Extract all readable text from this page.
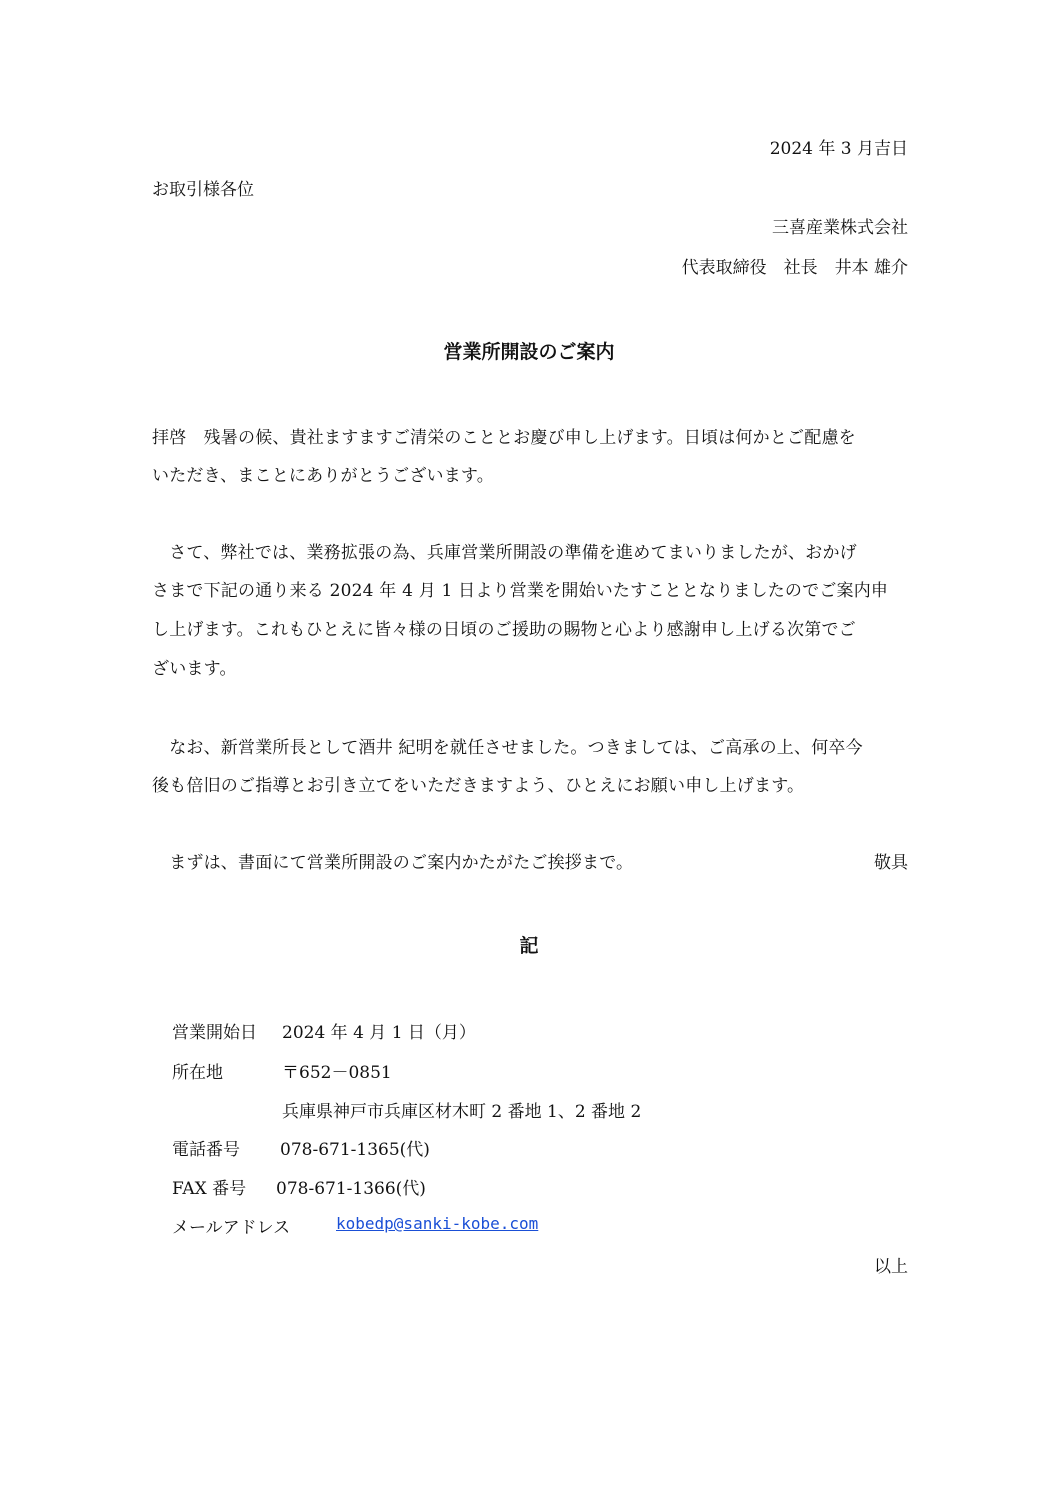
2024 年 3 月吉日
お取引様各位
三喜産業株式会社
代表取締役　社長　井本 雄介
営業所開設のご案内
拝啓　残暑の候、貴社ますますご清栄のこととお慶び申し上げます。日頃は何かとご配慮を
いただき、まことにありがとうございます。
　さて、弊社では、業務拡張の為、兵庫営業所開設の準備を進めてまいりましたが、おかげ
さまで下記の通り来る 2024 年 4 月 1 日より営業を開始いたすこととなりましたのでご案内申
し上げます。これもひとえに皆々様の日頃のご援助の賜物と心より感謝申し上げる次第でご
ざいます。
　なお、新営業所長として酒井 紀明を就任させました。つきましては、ご高承の上、何卒今
後も倍旧のご指導とお引き立てをいただきますよう、ひとえにお願い申し上げます。
　まずは、書面にて営業所開設のご案内かたがたご挨拶まで。	敬具
記
営業開始日 2024 年 4 月 1 日（月）
所在地	〒652－0851
兵庫県神戸市兵庫区材木町 2 番地 1、2 番地 2
電話番号 078-671-1365(代)
FAX 番号 078-671-1366(代)
メールアドレス	kobedp@sanki-kobe.com
以上
